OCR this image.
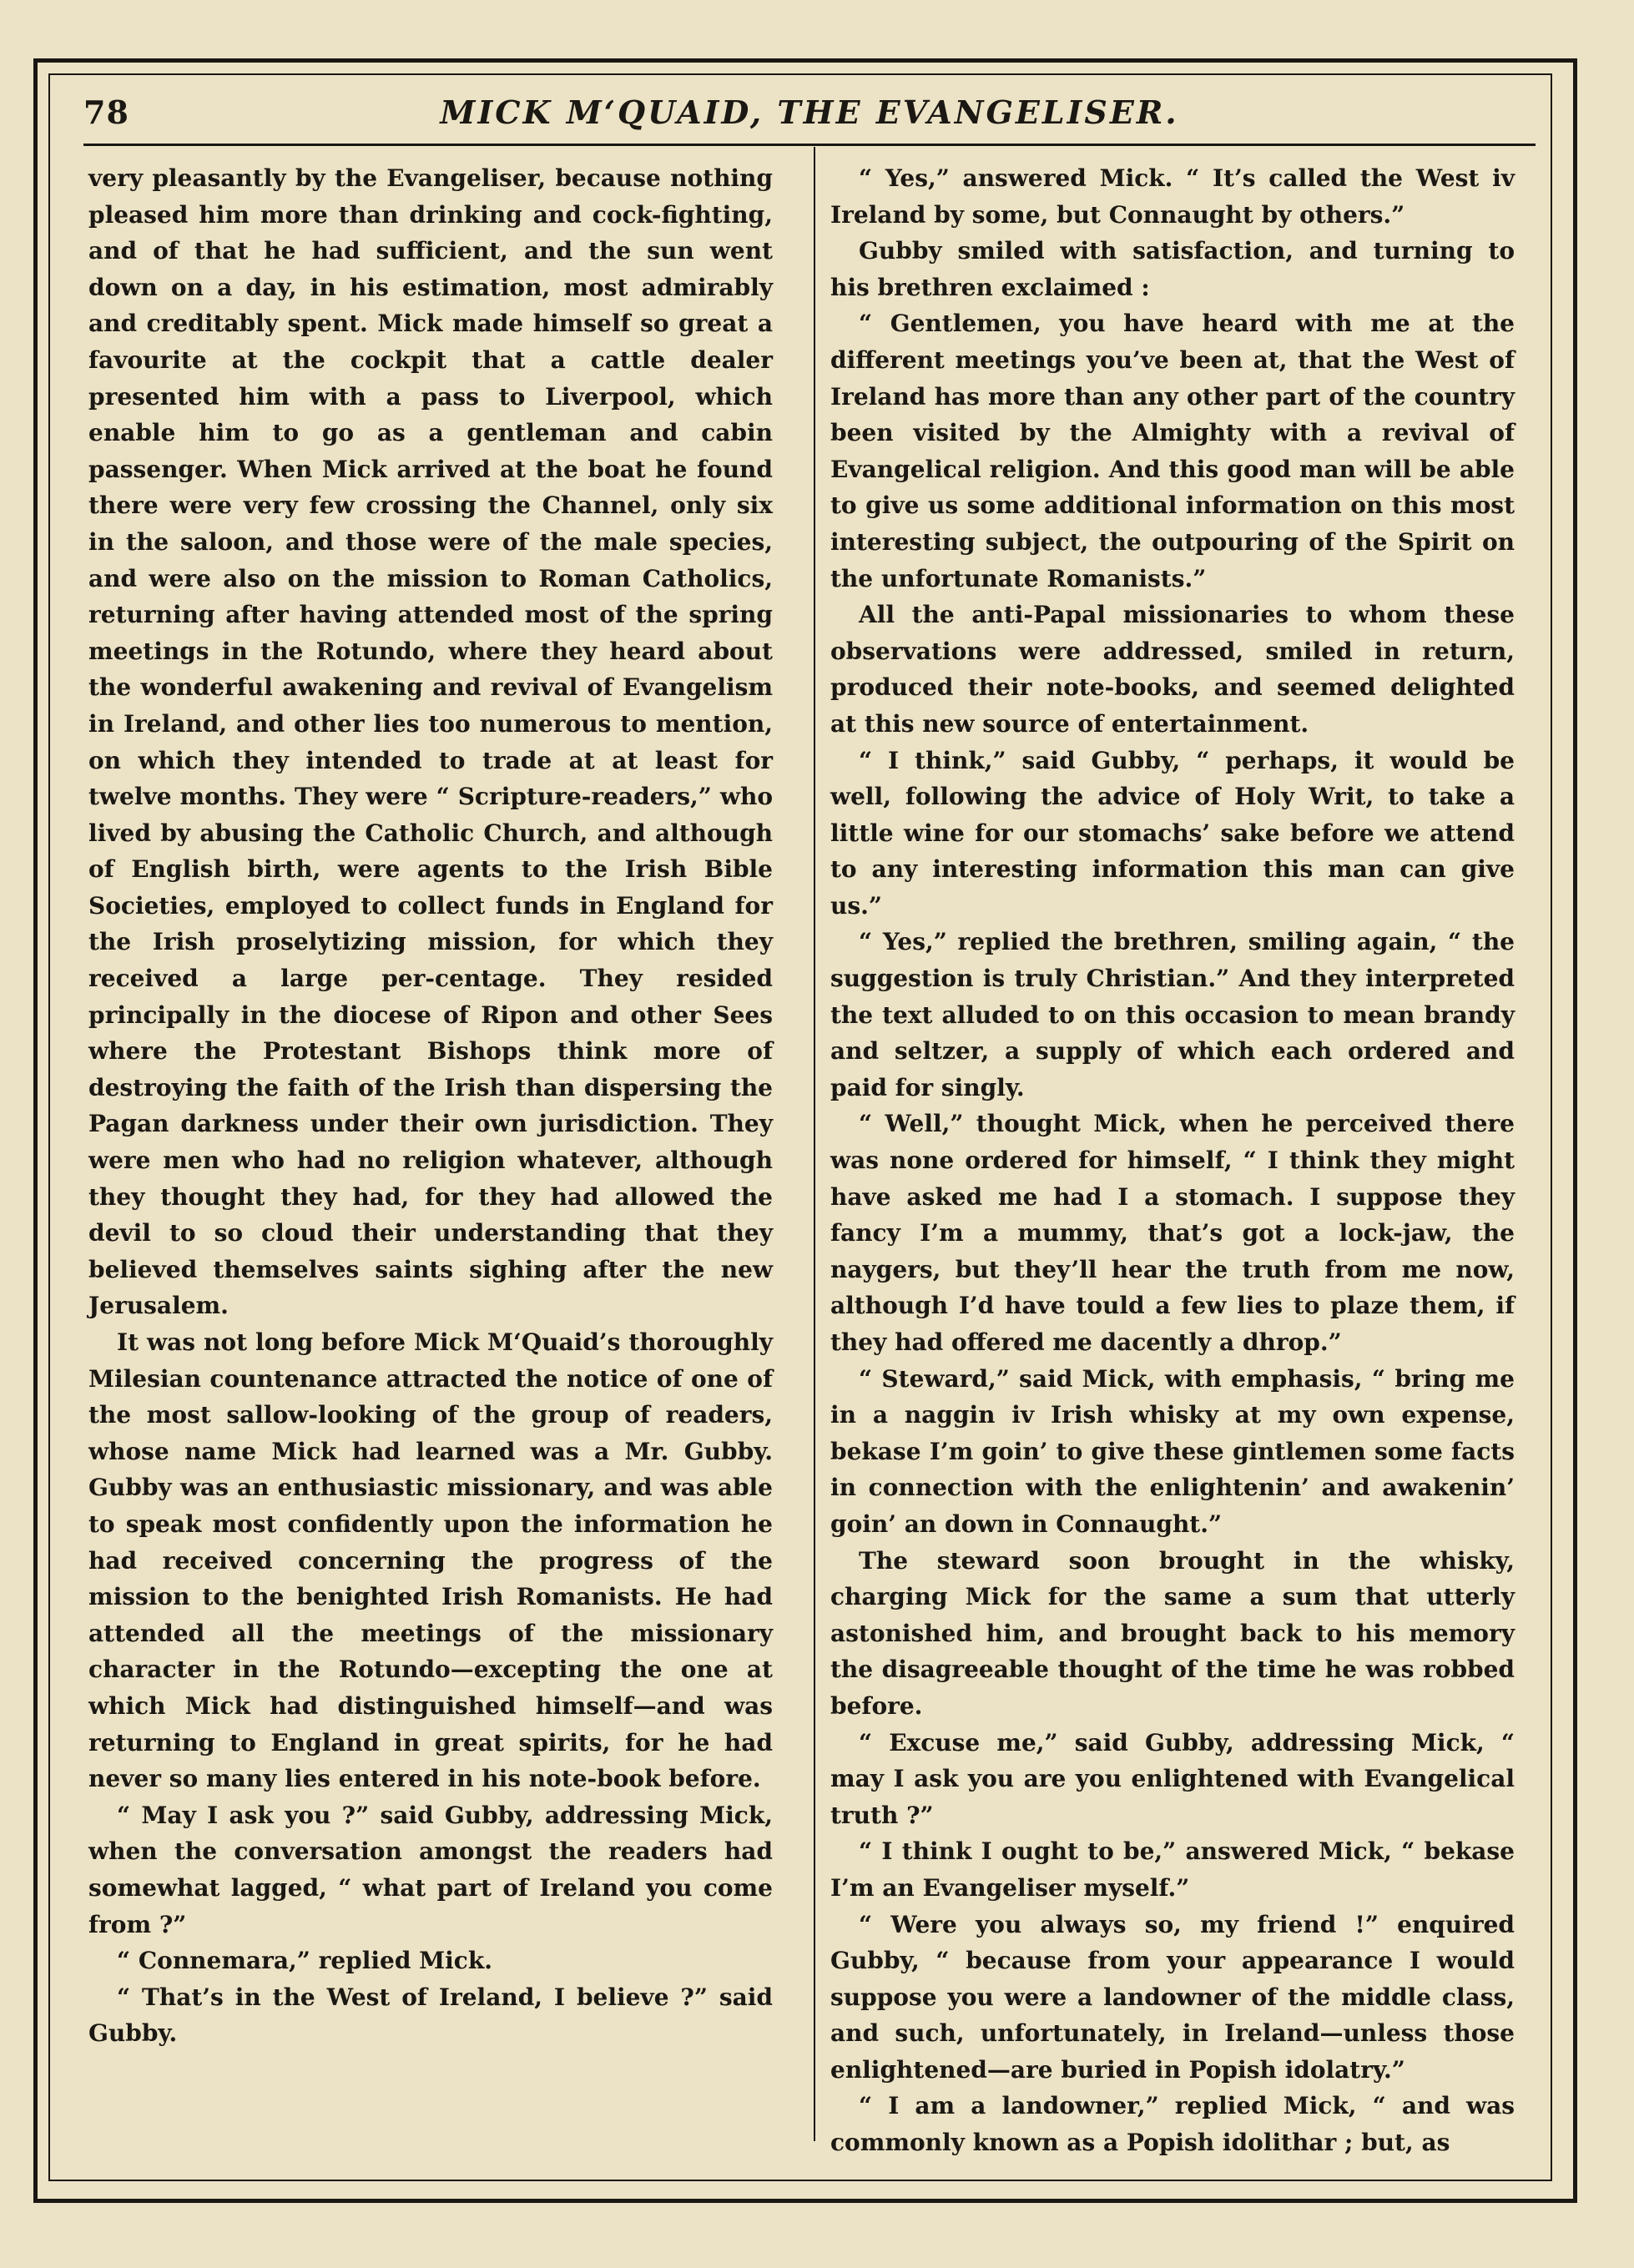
78	MICK M‘QUAID, THE EVANGELISER.

very pleasantly by the Evangeliser, because nothing pleased him more than drinking and cock-fighting, and of that he had sufficient, and the sun went down on a day, in his estimation, most admirably and creditably spent. Mick made himself so great a favourite at the cockpit that a cattle dealer presented him with a pass to Liverpool, which enable him to go as a gentleman and cabin passenger. When Mick arrived at the boat he found there were very few crossing the Channel, only six in the saloon, and those were of the male species, and were also on the mission to Roman Catholics, returning after having attended most of the spring meetings in the Rotundo, where they heard about the wonderful awakening and revival of Evangelism in Ireland, and other lies too numerous to mention, on which they intended to trade at at least for twelve months. They were “ Scripture-readers,” who lived by abusing the Catholic Church, and although of English birth, were agents to the Irish Bible Societies, employed to collect funds in England for the Irish proselytizing mission, for which they received a large per-centage. They resided principally in the diocese of Ripon and other Sees where the Protestant Bishops think more of destroying the faith of the Irish than dispersing the Pagan darkness under their own jurisdiction. They were men who had no religion whatever, although they thought they had, for they had allowed the devil to so cloud their understanding that they believed themselves saints sighing after the new Jerusalem.

It was not long before Mick M‘Quaid’s thoroughly Milesian countenance attracted the notice of one of the most sallow-looking of the group of readers, whose name Mick had learned was a Mr. Gubby. Gubby was an enthusiastic missionary, and was able to speak most confidently upon the information he had received concerning the progress of the mission to the benighted Irish Romanists. He had attended all the meetings of the missionary character in the Rotundo—excepting the one at which Mick had distinguished himself—and was returning to England in great spirits, for he had never so many lies entered in his note-book before.

“ May I ask you ?” said Gubby, addressing Mick, when the conversation amongst the readers had somewhat lagged, “ what part of Ireland you come from ?”

“ Connemara,” replied Mick.

“ That’s in the West of Ireland, I believe ?” said Gubby.

“ Yes,” answered Mick. “ It’s called the West iv Ireland by some, but Connaught by others.”

Gubby smiled with satisfaction, and turning to his brethren exclaimed :

“ Gentlemen, you have heard with me at the different meetings you’ve been at, that the West of Ireland has more than any other part of the country been visited by the Almighty with a revival of Evangelical religion. And this good man will be able to give us some additional information on this most interesting subject, the outpouring of the Spirit on the unfortunate Romanists.”

All the anti-Papal missionaries to whom these observations were addressed, smiled in return, produced their note-books, and seemed delighted at this new source of entertainment.

“ I think,” said Gubby, “ perhaps, it would be well, following the advice of Holy Writ, to take a little wine for our stomachs’ sake before we attend to any interesting information this man can give us.”

“ Yes,” replied the brethren, smiling again, “ the suggestion is truly Christian.” And they interpreted the text alluded to on this occasion to mean brandy and seltzer, a supply of which each ordered and paid for singly.

“ Well,” thought Mick, when he perceived there was none ordered for himself, “ I think they might have asked me had I a stomach. I suppose they fancy I’m a mummy, that’s got a lock-jaw, the naygers, but they’ll hear the truth from me now, although I’d have tould a few lies to plaze them, if they had offered me dacently a dhrop.”

“ Steward,” said Mick, with emphasis, “ bring me in a naggin iv Irish whisky at my own expense, bekase I’m goin’ to give these gintlemen some facts in connection with the enlightenin’ and awakenin’ goin’ an down in Connaught.”

The steward soon brought in the whisky, charging Mick for the same a sum that utterly astonished him, and brought back to his memory the disagreeable thought of the time he was robbed before.

“ Excuse me,” said Gubby, addressing Mick, “ may I ask you are you enlightened with Evangelical truth ?”

“ I think I ought to be,” answered Mick, “ bekase I’m an Evangeliser myself.”

“ Were you always so, my friend !” enquired Gubby, “ because from your appearance I would suppose you were a landowner of the middle class, and such, unfortunately, in Ireland—unless those enlightened—are buried in Popish idolatry.”

“ I am a landowner,” replied Mick, “ and was commonly known as a Popish idolithar ; but, as
